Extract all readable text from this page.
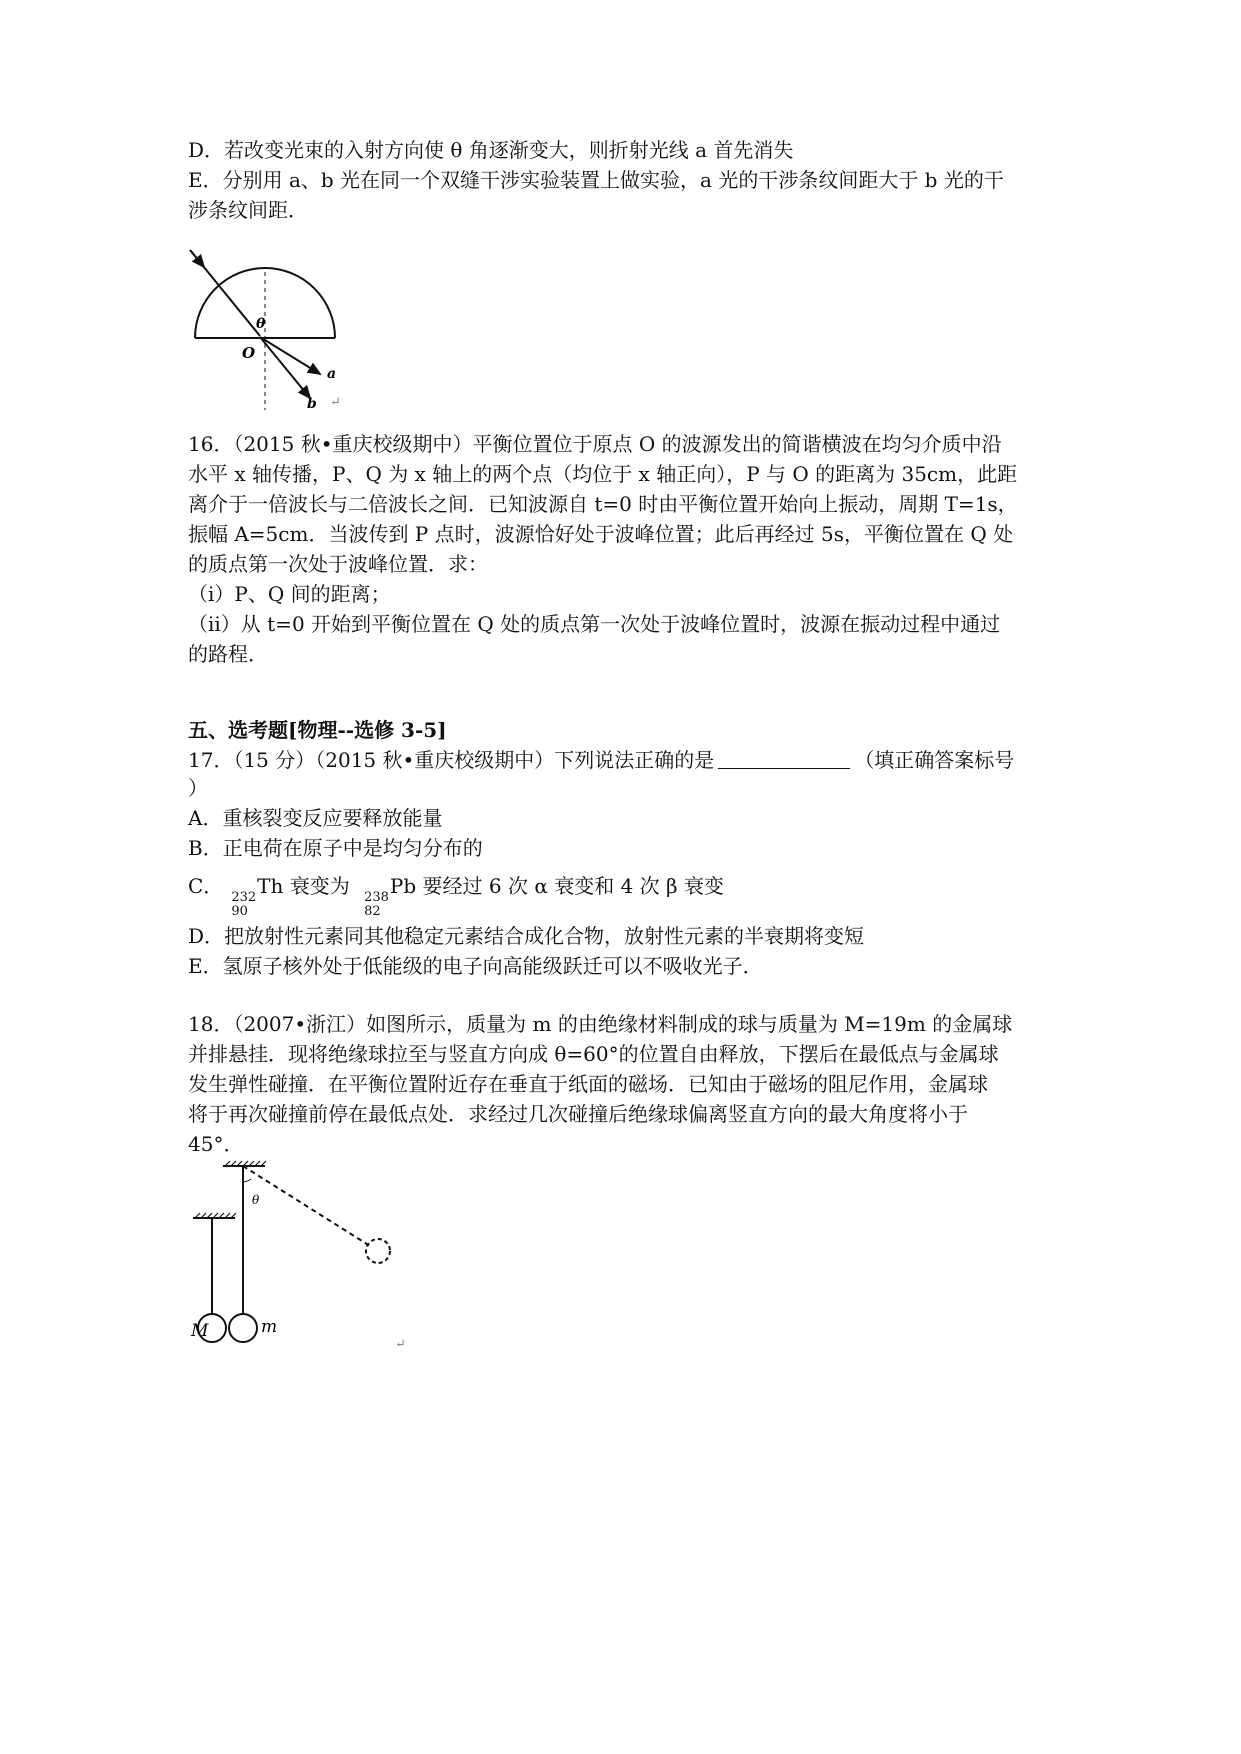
D．若改变光束的入射方向使 θ 角逐渐变大，则折射光线 a 首先消失
E．分别用 a、b 光在同一个双缝干涉实验装置上做实验，a 光的干涉条纹间距大于 b 光的干
涉条纹间距．
θ
O
a
b ↵
16．（2015 秋•重庆校级期中）平衡位置位于原点 O 的波源发出的简谐横波在均匀介质中沿
水平 x 轴传播，P、Q 为 x 轴上的两个点（均位于 x 轴正向），P 与 O 的距离为 35cm，此距
离介于一倍波长与二倍波长之间．已知波源自 t=0 时由平衡位置开始向上振动，周期 T=1s，
振幅 A=5cm．当波传到 P 点时，波源恰好处于波峰位置；此后再经过 5s，平衡位置在 Q 处
的质点第一次处于波峰位置．求：
（i）P、Q 间的距离；
（ii）从 t=0 开始到平衡位置在 Q 处的质点第一次处于波峰位置时，波源在振动过程中通过
的路程．
五、选考题[物理--选修 3-5]
17．（15 分）（2015 秋•重庆校级期中）下列说法正确的是	（填正确答案标号
）
A．重核裂变反应要释放能量
B．正电荷在原子中是均匀分布的
C． 232
90
Th 衰变为 238
82
Pb 要经过 6 次 α 衰变和 4 次 β 衰变
D．把放射性元素同其他稳定元素结合成化合物，放射性元素的半衰期将变短
E．氢原子核外处于低能级的电子向高能级跃迁可以不吸收光子．
18．（2007•浙江）如图所示，质量为 m 的由绝缘材料制成的球与质量为 M=19m 的金属球
并排悬挂．现将绝缘球拉至与竖直方向成 θ=60°的位置自由释放，下摆后在最低点与金属球
发生弹性碰撞．在平衡位置附近存在垂直于纸面的磁场．已知由于磁场的阻尼作用，金属球
将于再次碰撞前停在最低点处．求经过几次碰撞后绝缘球偏离竖直方向的最大角度将小于
45°．
θ
M	m
↵
